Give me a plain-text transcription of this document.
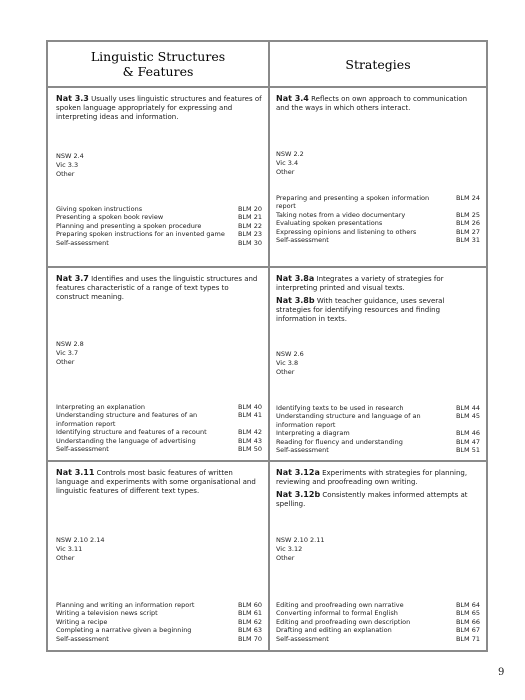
Linguistic Structures
& Features	Strategies
Nat 3.3 Usually uses linguistic structures and features of spoken language appropriately for expressing and interpreting ideas and information.
NSW 2.4
Vic 3.3
Other
Giving spoken instructions	BLM 20
Presenting a spoken book review	BLM 21
Planning and presenting a spoken procedure	BLM 22
Preparing spoken instructions for an invented game	BLM 23
Self-assessment	BLM 30
Nat 3.4 Reflects on own approach to communication and the ways in which others interact.
NSW 2.2
Vic 3.4
Other
Preparing and presenting a spoken information report
BLM 24
Taking notes from a video documentary	BLM 25
Evaluating spoken presentations	BLM 26
Expressing opinions and listening to others	BLM 27
Self-assessment	BLM 31
Nat 3.7 Identifies and uses the linguistic structures and features characteristic of a range of text types to construct meaning.
NSW 2.8
Vic 3.7
Other
Interpreting an explanation	BLM 40
Understanding structure and features of an information report
BLM 41
Identifying structure and features of a recount	BLM 42
Understanding the language of advertising	BLM 43
Self-assessment	BLM 50
Nat 3.8a Integrates a variety of strategies for interpreting printed and visual texts.
Nat 3.8b With teacher guidance, uses several strategies for identifying resources and finding information in texts.
NSW 2.6
Vic 3.8
Other
Identifying texts to be used in research	BLM 44
Understanding structure and language of an information report
BLM 45
Interpreting a diagram	BLM 46
Reading for fluency and understanding	BLM 47
Self-assessment	BLM 51
Nat 3.11 Controls most basic features of written language and experiments with some organisational and linguistic features of different text types.
NSW 2.10 2.14
Vic 3.11
Other
Planning and writing an information report	BLM 60
Writing a television news script	BLM 61
Writing a recipe	BLM 62
Completing a narrative given a beginning	BLM 63
Self-assessment	BLM 70
Nat 3.12a Experiments with strategies for planning, reviewing and proofreading own writing.
Nat 3.12b Consistently makes informed attempts at spelling.
NSW 2.10 2.11
Vic 3.12
Other
Editing and proofreading own narrative	BLM 64
Converting informal to formal English	BLM 65
Editing and proofreading own description	BLM 66
Drafting and editing an explanation	BLM 67
Self-assessment	BLM 71
9
